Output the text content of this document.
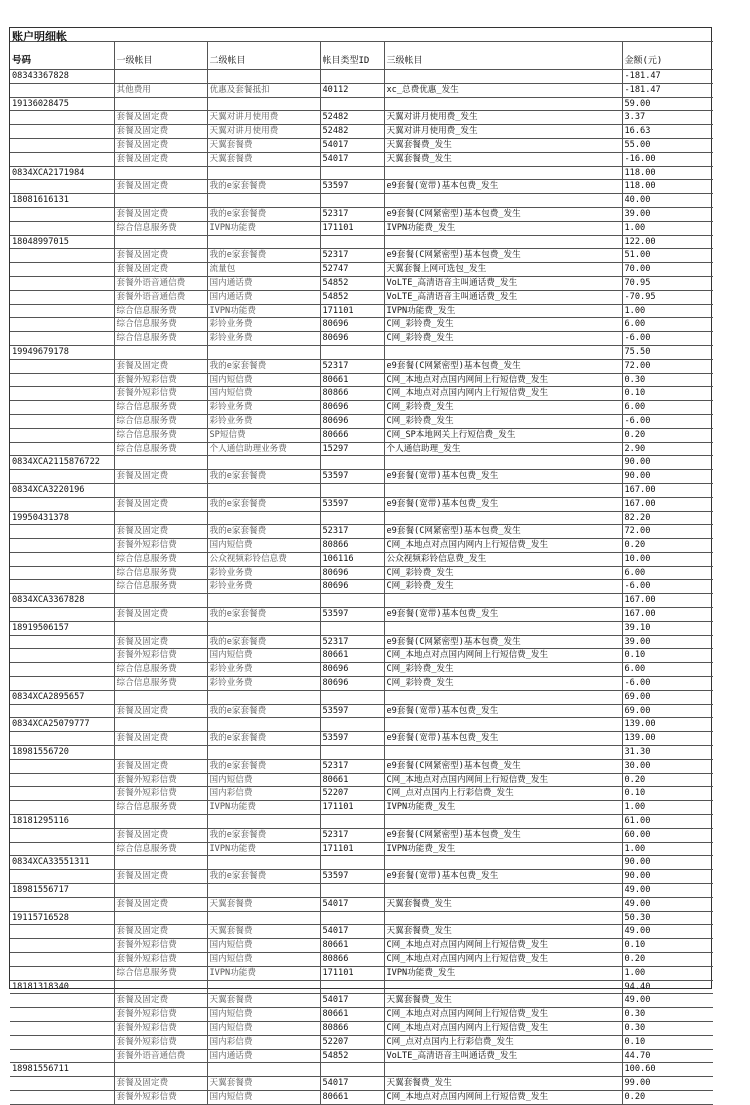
号码	一级帐目	二级帐目	帐目类型ID	三级帐目	金额(元)
08343367828					-181.47
	其他费用	优惠及套餐抵扣	40112	xc_总费优惠_发生	-181.47
19136028475					59.00
	套餐及固定费	天翼对讲月使用费	52482	天翼对讲月使用费_发生	3.37
	套餐及固定费	天翼对讲月使用费	52482	天翼对讲月使用费_发生	16.63
	套餐及固定费	天翼套餐费	54017	天翼套餐费_发生	55.00
	套餐及固定费	天翼套餐费	54017	天翼套餐费_发生	-16.00
0834XCA2171984					118.00
	套餐及固定费	我的e家套餐费	53597	e9套餐(宽带)基本包费_发生	118.00
18081616131					40.00
	套餐及固定费	我的e家套餐费	52317	e9套餐(C网紧密型)基本包费_发生	39.00
	综合信息服务费	IVPN功能费	171101	IVPN功能费_发生	1.00
18048997015					122.00
	套餐及固定费	我的e家套餐费	52317	e9套餐(C网紧密型)基本包费_发生	51.00
	套餐及固定费	流量包	52747	天翼套餐上网可选包_发生	70.00
	套餐外语音通信费	国内通话费	54852	VoLTE_高清语音主叫通话费_发生	70.95
	套餐外语音通信费	国内通话费	54852	VoLTE_高清语音主叫通话费_发生	-70.95
	综合信息服务费	IVPN功能费	171101	IVPN功能费_发生	1.00
	综合信息服务费	彩铃业务费	80696	C网_彩铃费_发生	6.00
	综合信息服务费	彩铃业务费	80696	C网_彩铃费_发生	-6.00
19949679178					75.50
	套餐及固定费	我的e家套餐费	52317	e9套餐(C网紧密型)基本包费_发生	72.00
	套餐外短彩信费	国内短信费	80661	C网_本地点对点国内网间上行短信费_发生	0.30
	套餐外短彩信费	国内短信费	80866	C网_本地点对点国内网内上行短信费_发生	0.10
	综合信息服务费	彩铃业务费	80696	C网_彩铃费_发生	6.00
	综合信息服务费	彩铃业务费	80696	C网_彩铃费_发生	-6.00
	综合信息服务费	SP短信费	80666	C网_SP本地网关上行短信费_发生	0.20
	综合信息服务费	个人通信助理业务费	15297	个人通信助理_发生	2.90
0834XCA2115876722					90.00
	套餐及固定费	我的e家套餐费	53597	e9套餐(宽带)基本包费_发生	90.00
0834XCA3220196					167.00
	套餐及固定费	我的e家套餐费	53597	e9套餐(宽带)基本包费_发生	167.00
19950431378					82.20
	套餐及固定费	我的e家套餐费	52317	e9套餐(C网紧密型)基本包费_发生	72.00
	套餐外短彩信费	国内短信费	80866	C网_本地点对点国内网内上行短信费_发生	0.20
	综合信息服务费	公众视频彩铃信息费	106116	公众视频彩铃信息费_发生	10.00
	综合信息服务费	彩铃业务费	80696	C网_彩铃费_发生	6.00
	综合信息服务费	彩铃业务费	80696	C网_彩铃费_发生	-6.00
0834XCA3367828					167.00
	套餐及固定费	我的e家套餐费	53597	e9套餐(宽带)基本包费_发生	167.00
18919506157					39.10
	套餐及固定费	我的e家套餐费	52317	e9套餐(C网紧密型)基本包费_发生	39.00
	套餐外短彩信费	国内短信费	80661	C网_本地点对点国内网间上行短信费_发生	0.10
	综合信息服务费	彩铃业务费	80696	C网_彩铃费_发生	6.00
	综合信息服务费	彩铃业务费	80696	C网_彩铃费_发生	-6.00
0834XCA2895657					69.00
	套餐及固定费	我的e家套餐费	53597	e9套餐(宽带)基本包费_发生	69.00
0834XCA25079777					139.00
	套餐及固定费	我的e家套餐费	53597	e9套餐(宽带)基本包费_发生	139.00
18981556720					31.30
	套餐及固定费	我的e家套餐费	52317	e9套餐(C网紧密型)基本包费_发生	30.00
	套餐外短彩信费	国内短信费	80661	C网_本地点对点国内网间上行短信费_发生	0.20
	套餐外短彩信费	国内彩信费	52207	C网_点对点国内上行彩信费_发生	0.10
	综合信息服务费	IVPN功能费	171101	IVPN功能费_发生	1.00
18181295116					61.00
	套餐及固定费	我的e家套餐费	52317	e9套餐(C网紧密型)基本包费_发生	60.00
	综合信息服务费	IVPN功能费	171101	IVPN功能费_发生	1.00
0834XCA33551311					90.00
	套餐及固定费	我的e家套餐费	53597	e9套餐(宽带)基本包费_发生	90.00
18981556717					49.00
	套餐及固定费	天翼套餐费	54017	天翼套餐费_发生	49.00
19115716528					50.30
	套餐及固定费	天翼套餐费	54017	天翼套餐费_发生	49.00
	套餐外短彩信费	国内短信费	80661	C网_本地点对点国内网间上行短信费_发生	0.10
	套餐外短彩信费	国内短信费	80866	C网_本地点对点国内网内上行短信费_发生	0.20
	综合信息服务费	IVPN功能费	171101	IVPN功能费_发生	1.00
18181318340					94.40
	套餐及固定费	天翼套餐费	54017	天翼套餐费_发生	49.00
	套餐外短彩信费	国内短信费	80661	C网_本地点对点国内网间上行短信费_发生	0.30
	套餐外短彩信费	国内短信费	80866	C网_本地点对点国内网内上行短信费_发生	0.30
	套餐外短彩信费	国内彩信费	52207	C网_点对点国内上行彩信费_发生	0.10
	套餐外语音通信费	国内通话费	54852	VoLTE_高清语音主叫通话费_发生	44.70
18981556711					100.60
	套餐及固定费	天翼套餐费	54017	天翼套餐费_发生	99.00
	套餐外短彩信费	国内短信费	80661	C网_本地点对点国内网间上行短信费_发生	0.20
账户明细帐
